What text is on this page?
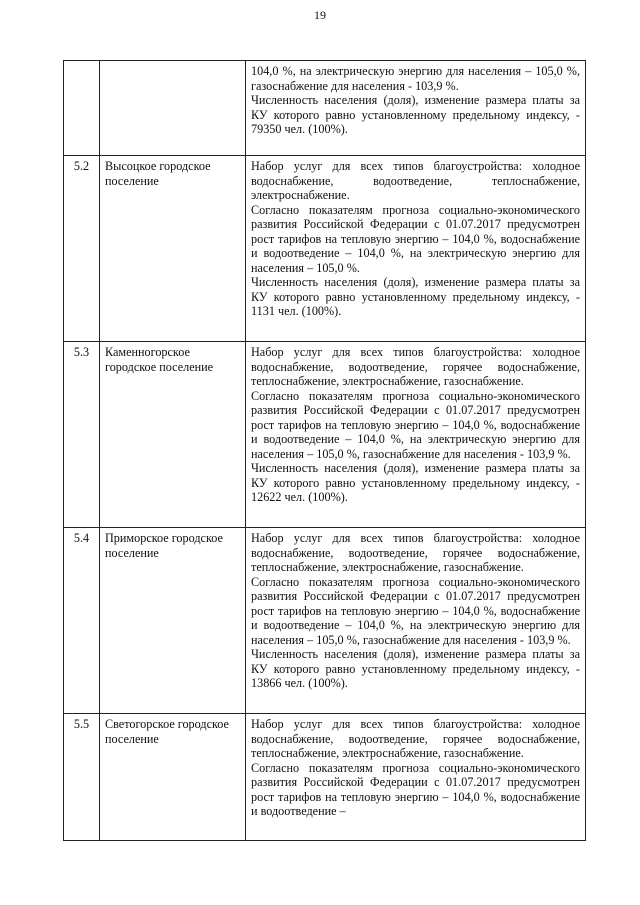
19

		104,0 %, на электрическую энергию для населения – 105,0 %, газоснабжение для населения - 103,9 %.

Численность населения (доля), изменение размера платы за КУ которого равно установленному предельному индексу, - 79350 чел. (100%).

5.2	Высоцкое городское поселение	Набор услуг для всех типов благоустройства: холодное водоснабжение, водоотведение, теплоснабжение, электроснабжение.

Согласно показателям прогноза социально-экономического развития Российской Федерации с 01.07.2017 предусмотрен рост тарифов на тепловую энергию – 104,0 %, водоснабжение и водоотведение – 104,0 %, на электрическую энергию для населения – 105,0 %.

Численность населения (доля), изменение размера платы за КУ которого равно установленному предельному индексу, - 1131 чел. (100%).

5.3	Каменногорское городское поселение	Набор услуг для всех типов благоустройства: холодное водоснабжение, водоотведение, горячее водоснабжение, теплоснабжение, электроснабжение, газоснабжение.

Согласно показателям прогноза социально-экономического развития Российской Федерации с 01.07.2017 предусмотрен рост тарифов на тепловую энергию – 104,0 %, водоснабжение и водоотведение – 104,0 %, на электрическую энергию для населения – 105,0 %, газоснабжение для населения - 103,9 %.

Численность населения (доля), изменение размера платы за КУ которого равно установленному предельному индексу, - 12622 чел. (100%).

5.4	Приморское городское поселение	Набор услуг для всех типов благоустройства: холодное водоснабжение, водоотведение, горячее водоснабжение, теплоснабжение, электроснабжение, газоснабжение.

Согласно показателям прогноза социально-экономического развития Российской Федерации с 01.07.2017 предусмотрен рост тарифов на тепловую энергию – 104,0 %, водоснабжение и водоотведение – 104,0 %, на электрическую энергию для населения – 105,0 %, газоснабжение для населения - 103,9 %.

Численность населения (доля), изменение размера платы за КУ которого равно установленному предельному индексу, - 13866 чел. (100%).

5.5	Светогорское городское поселение	Набор услуг для всех типов благоустройства: холодное водоснабжение, водоотведение, горячее водоснабжение, теплоснабжение, электроснабжение, газоснабжение.

Согласно показателям прогноза социально-экономического развития Российской Федерации с 01.07.2017 предусмотрен рост тарифов на тепловую энергию – 104,0 %, водоснабжение и водоотведение –
